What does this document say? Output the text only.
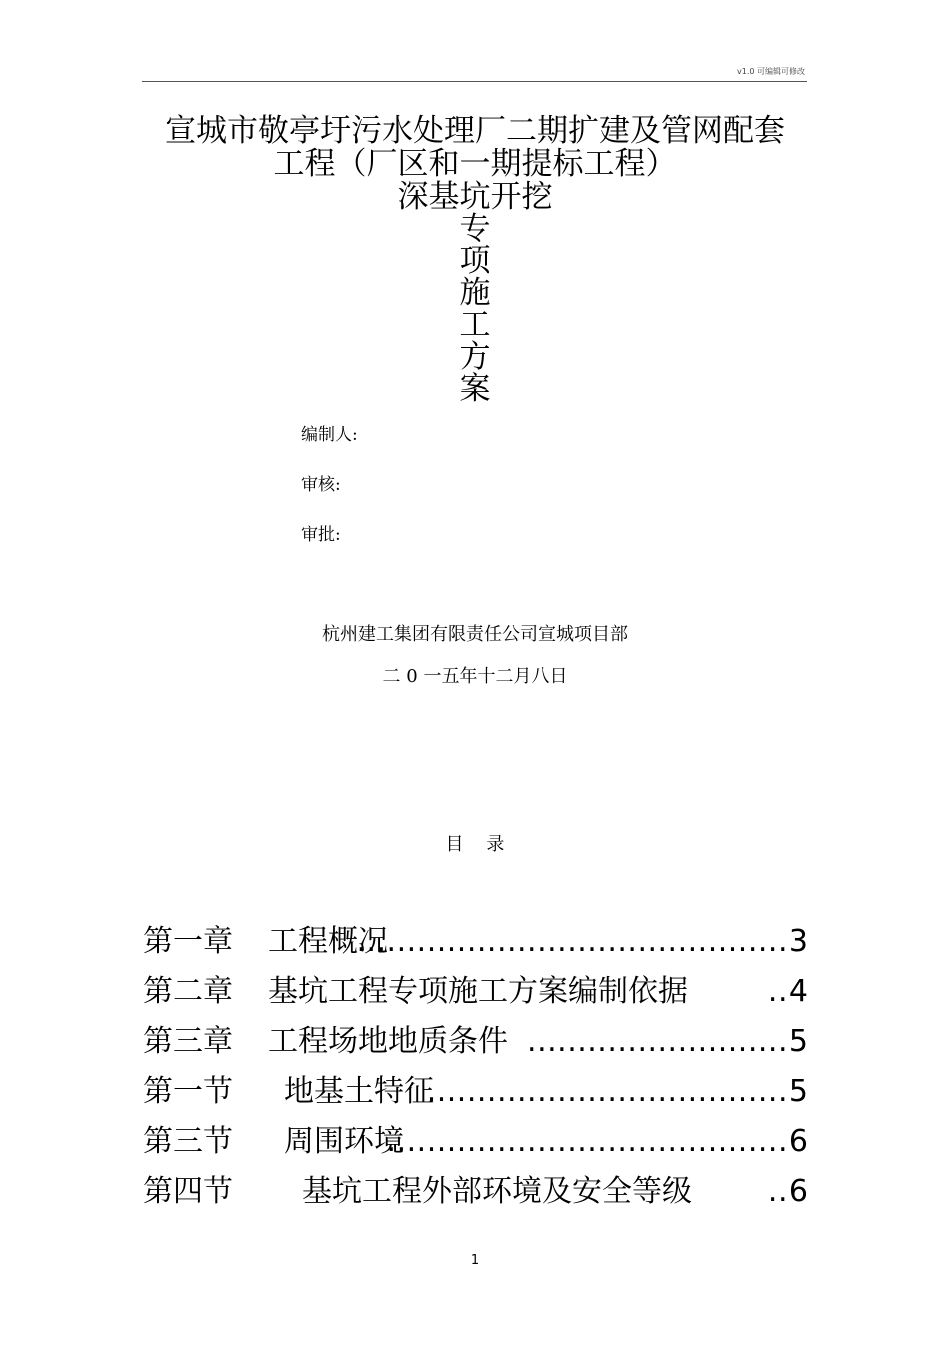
v1.0 可编辑可修改
宣城市敬亭圩污水处理厂二期扩建及管网配套
工程（厂区和一期提标工程）
深基坑开挖
专
项
施
工
方
案
编制人:
审核:
审批:
杭州建工集团有限责任公司宣城项目部
二 0 一五年十二月八日
目    录
第一章 工程概况
........................................... 3
第二章 基坑工程专项施工方案编制依据	.. 4
第三章 工程场地地质条件 .......................... 5
第一节 地基土特征
.................................... 5
第三节 周围环境
........................................ 6
第四节 基坑工程外部环境及安全等级	.. 6
1
